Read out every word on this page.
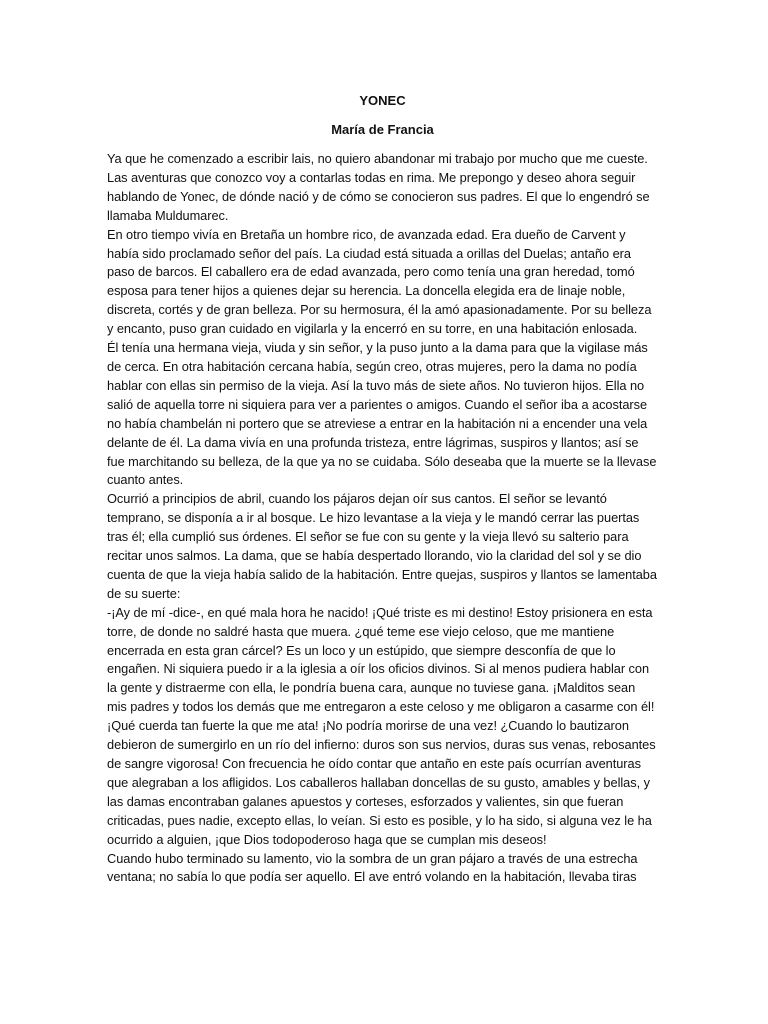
YONEC
María de Francia

Ya que he comenzado a escribir lais, no quiero abandonar mi trabajo por mucho que me cueste. Las aventuras que conozco voy a contarlas todas en rima. Me prepongo y deseo ahora seguir hablando de Yonec, de dónde nació y de cómo se conocieron sus padres. El que lo engendró se llamaba Muldumarec.

En otro tiempo vivía en Bretaña un hombre rico, de avanzada edad. Era dueño de Carvent y había sido proclamado señor del país. La ciudad está situada a orillas del Duelas; antaño era paso de barcos. El caballero era de edad avanzada, pero como tenía una gran heredad, tomó esposa para tener hijos a quienes dejar su herencia. La doncella elegida era de linaje noble, discreta, cortés y de gran belleza. Por su hermosura, él la amó apasionadamente. Por su belleza y encanto, puso gran cuidado en vigilarla y la encerró en su torre, en una habitación enlosada.

Él tenía una hermana vieja, viuda y sin señor, y la puso junto a la dama para que la vigilase más de cerca. En otra habitación cercana había, según creo, otras mujeres, pero la dama no podía hablar con ellas sin permiso de la vieja. Así la tuvo más de siete años. No tuvieron hijos. Ella no salió de aquella torre ni siquiera para ver a parientes o amigos. Cuando el señor iba a acostarse no había chambelán ni portero que se atreviese a entrar en la habitación ni a encender una vela delante de él. La dama vivía en una profunda tristeza, entre lágrimas, suspiros y llantos; así se fue marchitando su belleza, de la que ya no se cuidaba. Sólo deseaba que la muerte se la llevase cuanto antes.

Ocurrió a principios de abril, cuando los pájaros dejan oír sus cantos. El señor se levantó temprano, se disponía a ir al bosque. Le hizo levantase a la vieja y le mandó cerrar las puertas tras él; ella cumplió sus órdenes. El señor se fue con su gente y la vieja llevó su salterio para recitar unos salmos. La dama, que se había despertado llorando, vio la claridad del sol y se dio cuenta de que la vieja había salido de la habitación. Entre quejas, suspiros y llantos se lamentaba de su suerte:

-¡Ay de mí -dice-, en qué mala hora he nacido! ¡Qué triste es mi destino! Estoy prisionera en esta torre, de donde no saldré hasta que muera. ¿qué teme ese viejo celoso, que me mantiene encerrada en esta gran cárcel? Es un loco y un estúpido, que siempre desconfía de que lo engañen. Ni siquiera puedo ir a la iglesia a oír los oficios divinos. Si al menos pudiera hablar con la gente y distraerme con ella, le pondría buena cara, aunque no tuviese gana. ¡Malditos sean mis padres y todos los demás que me entregaron a este celoso y me obligaron a casarme con él! ¡Qué cuerda tan fuerte la que me ata! ¡No podría morirse de una vez! ¿Cuando lo bautizaron debieron de sumergirlo en un río del infierno: duros son sus nervios, duras sus venas, rebosantes de sangre vigorosa! Con frecuencia he oído contar que antaño en este país ocurrían aventuras que alegraban a los afligidos. Los caballeros hallaban doncellas de su gusto, amables y bellas, y las damas encontraban galanes apuestos y corteses, esforzados y valientes, sin que fueran criticadas, pues nadie, excepto ellas, lo veían. Si esto es posible, y lo ha sido, si alguna vez le ha ocurrido a alguien, ¡que Dios todopoderoso haga que se cumplan mis deseos!

Cuando hubo terminado su lamento, vio la sombra de un gran pájaro a través de una estrecha ventana; no sabía lo que podía ser aquello. El ave entró volando en la habitación, llevaba tiras
